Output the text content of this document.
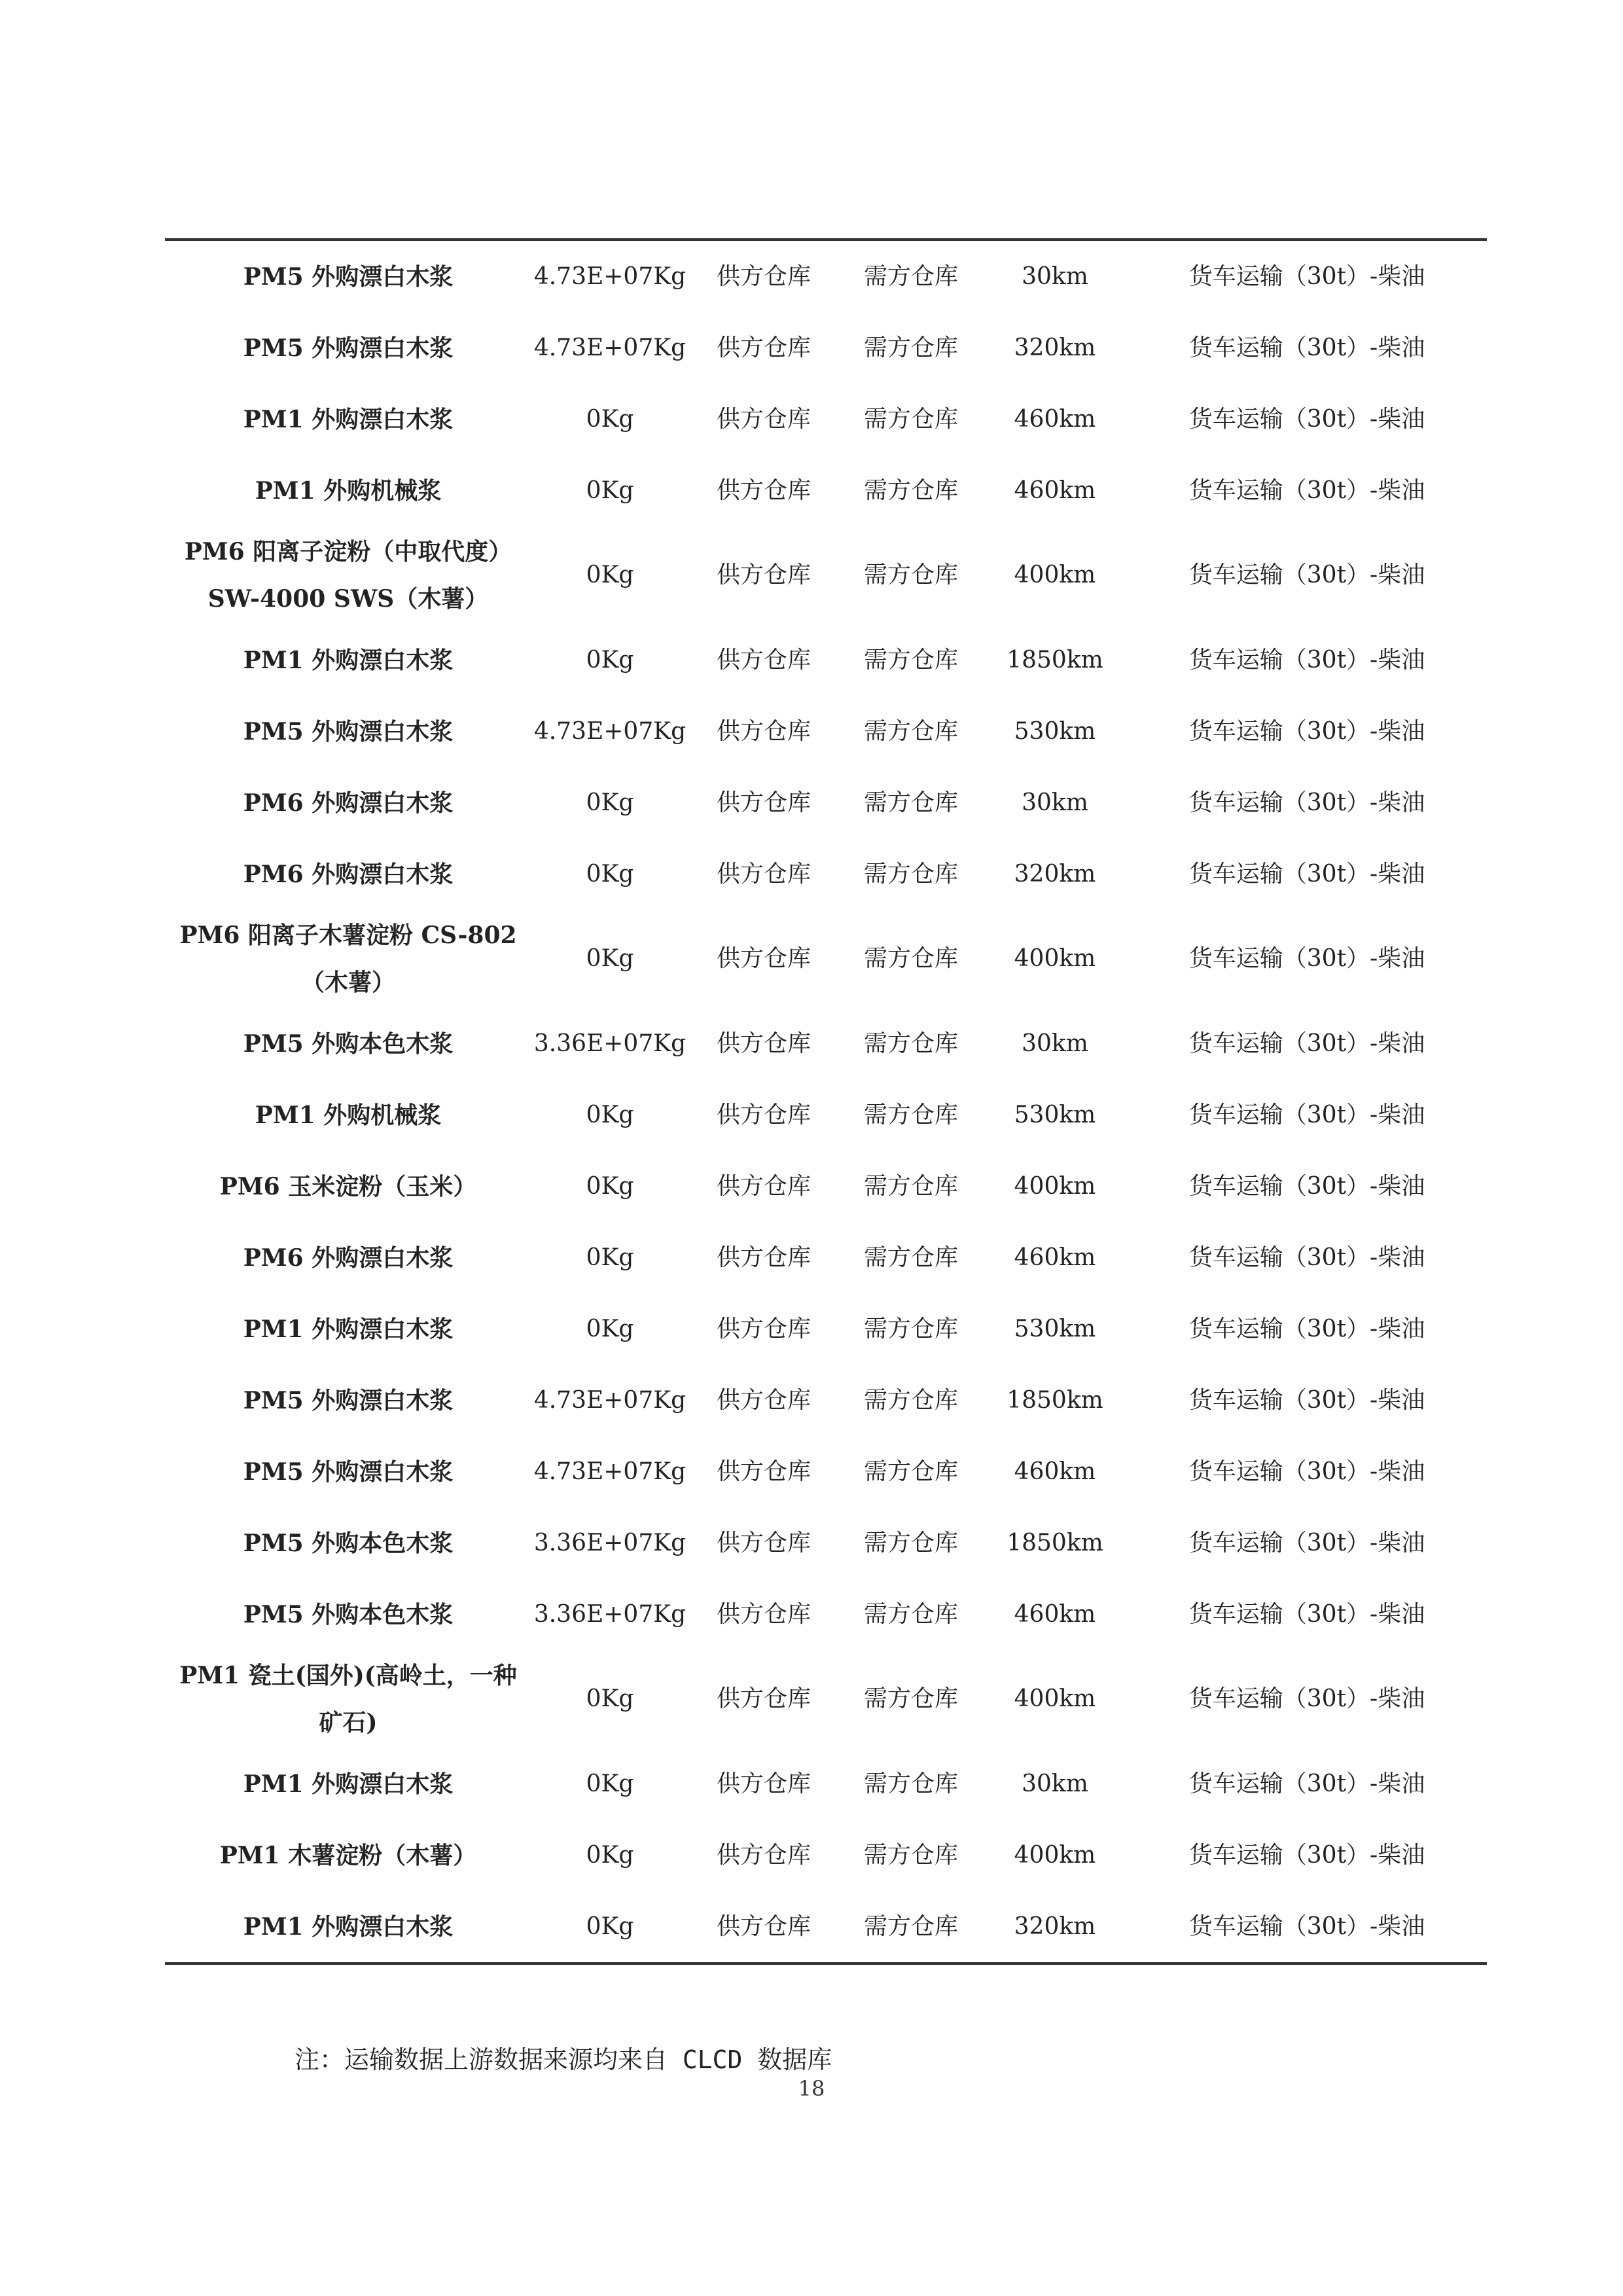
PM5 外购漂白木浆	4.73E+07Kg	供方仓库	需方仓库	30km	货车运输（30t）-柴油
PM5 外购漂白木浆	4.73E+07Kg	供方仓库	需方仓库	320km	货车运输（30t）-柴油
PM1 外购漂白木浆	0Kg	供方仓库	需方仓库	460km	货车运输（30t）-柴油
PM1 外购机械浆	0Kg	供方仓库	需方仓库	460km	货车运输（30t）-柴油
PM6 阳离子淀粉（中取代度）SW-4000 SWS（木薯）	0Kg	供方仓库	需方仓库	400km	货车运输（30t）-柴油
PM1 外购漂白木浆	0Kg	供方仓库	需方仓库	1850km	货车运输（30t）-柴油
PM5 外购漂白木浆	4.73E+07Kg	供方仓库	需方仓库	530km	货车运输（30t）-柴油
PM6 外购漂白木浆	0Kg	供方仓库	需方仓库	30km	货车运输（30t）-柴油
PM6 外购漂白木浆	0Kg	供方仓库	需方仓库	320km	货车运输（30t）-柴油
PM6 阳离子木薯淀粉 CS-802（木薯）	0Kg	供方仓库	需方仓库	400km	货车运输（30t）-柴油
PM5 外购本色木浆	3.36E+07Kg	供方仓库	需方仓库	30km	货车运输（30t）-柴油
PM1 外购机械浆	0Kg	供方仓库	需方仓库	530km	货车运输（30t）-柴油
PM6 玉米淀粉（玉米）	0Kg	供方仓库	需方仓库	400km	货车运输（30t）-柴油
PM6 外购漂白木浆	0Kg	供方仓库	需方仓库	460km	货车运输（30t）-柴油
PM1 外购漂白木浆	0Kg	供方仓库	需方仓库	530km	货车运输（30t）-柴油
PM5 外购漂白木浆	4.73E+07Kg	供方仓库	需方仓库	1850km	货车运输（30t）-柴油
PM5 外购漂白木浆	4.73E+07Kg	供方仓库	需方仓库	460km	货车运输（30t）-柴油
PM5 外购本色木浆	3.36E+07Kg	供方仓库	需方仓库	1850km	货车运输（30t）-柴油
PM5 外购本色木浆	3.36E+07Kg	供方仓库	需方仓库	460km	货车运输（30t）-柴油
PM1 瓷土(国外)(高岭土，一种矿石)	0Kg	供方仓库	需方仓库	400km	货车运输（30t）-柴油
PM1 外购漂白木浆	0Kg	供方仓库	需方仓库	30km	货车运输（30t）-柴油
PM1 木薯淀粉（木薯）	0Kg	供方仓库	需方仓库	400km	货车运输（30t）-柴油
PM1 外购漂白木浆	0Kg	供方仓库	需方仓库	320km	货车运输（30t）-柴油
注：运输数据上游数据来源均来自 CLCD 数据库
18
